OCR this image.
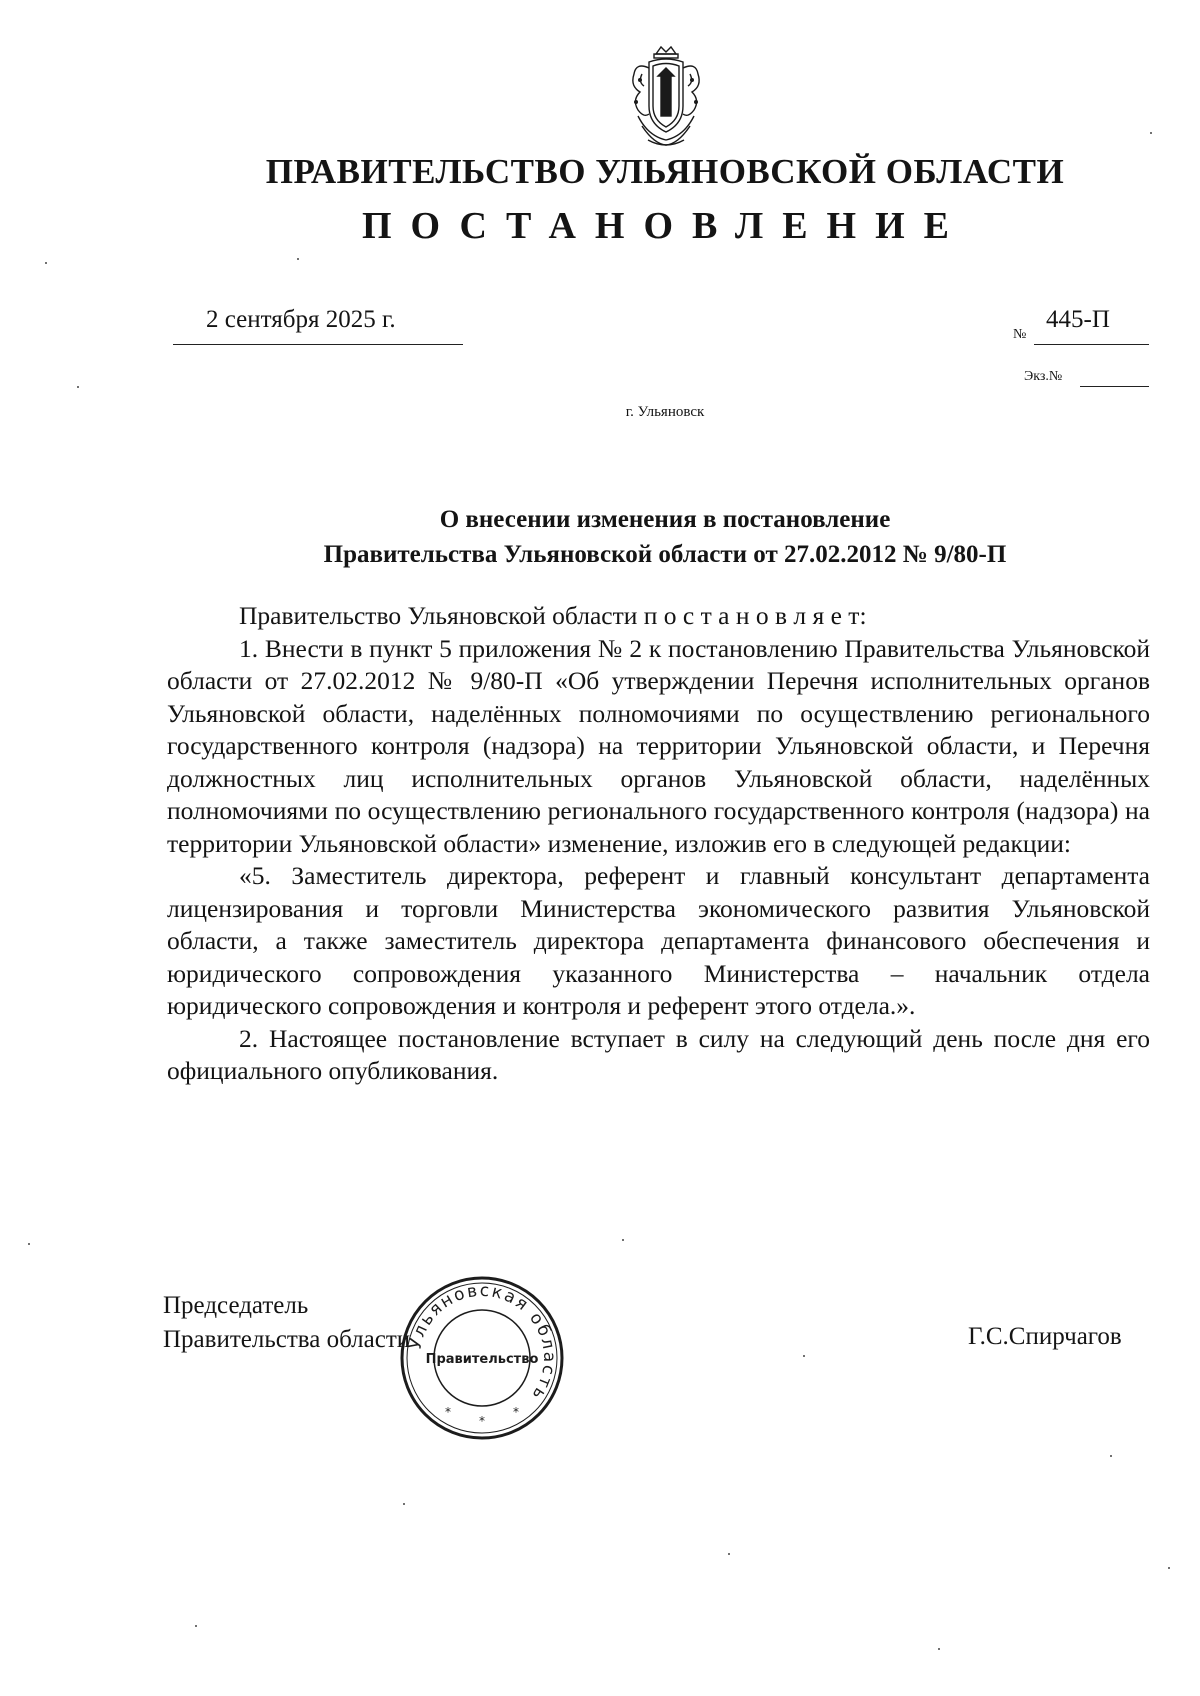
ПРАВИТЕЛЬСТВО УЛЬЯНОВСКОЙ ОБЛАСТИ
ПОСТАНОВЛЕНИЕ
2 сентября 2025 г.
№
445-П
Экз.№
г. Ульяновск
О внесении изменения в постановление
Правительства Ульяновской области от 27.02.2012 № 9/80-П

Правительство Ульяновской области п о с т а н о в л я е т:

1. Внести в пункт 5 приложения № 2 к постановлению Правительства Ульяновской области от 27.02.2012 № 9/80-П «Об утверждении Перечня исполнительных органов Ульяновской области, наделённых полномочиями по осуществлению регионального государственного контроля (надзора) на территории Ульяновской области, и Перечня должностных лиц исполнительных органов Ульяновской области, наделённых полномочиями по осуществлению регионального государственного контроля (надзора) на территории Ульяновской области» изменение, изложив его в следующей редакции:

«5. Заместитель директора, референт и главный консультант департамента лицензирования и торговли Министерства экономического развития Ульяновской области, а также заместитель директора департамента финансового обеспечения и юридического сопровождения указанного Министерства – начальник отдела юридического сопровождения и контроля и референт этого отдела.».

2. Настоящее постановление вступает в силу на следующий день после дня его официального опубликования.

Председатель
Правительства области	Г.С.Спирчагов
Ульяновская область
Правительство
*
*
*
